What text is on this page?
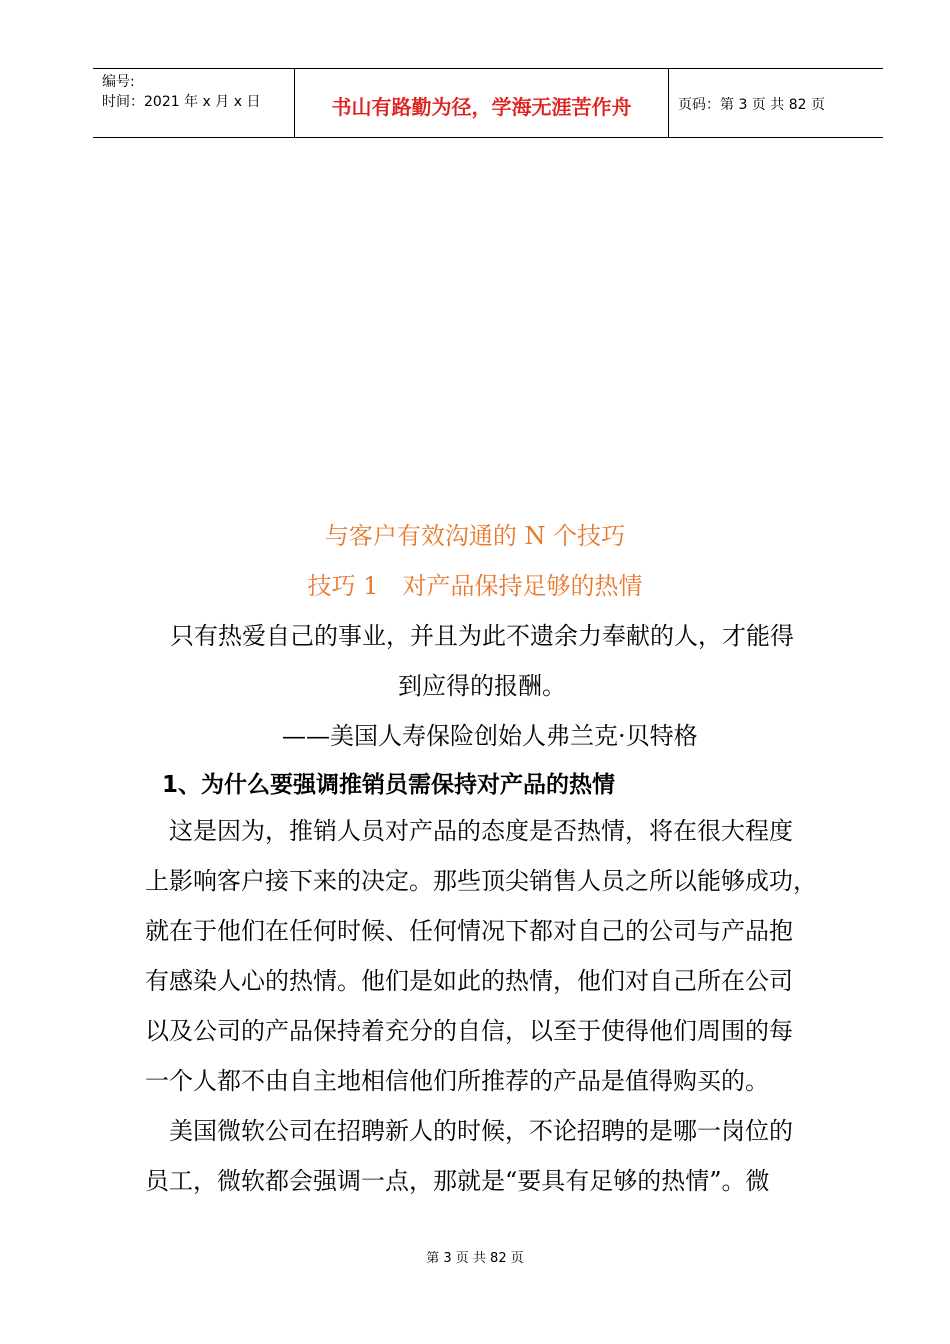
编号:
时间：2021 年 x 月 x 日	书山有路勤为径，学海无涯苦作舟	页码：第 3 页 共 82 页
与客户有效沟通的 N 个技巧
技巧 1　对产品保持足够的热情
只有热爱自己的事业，并且为此不遗余力奉献的人，才能得
到应得的报酬。
——美国人寿保险创始人弗兰克·贝特格
1、为什么要强调推销员需保持对产品的热情
　这是因为，推销人员对产品的态度是否热情，将在很大程度
上影响客户接下来的决定。那些顶尖销售人员之所以能够成功，
就在于他们在任何时候、任何情况下都对自己的公司与产品抱
有感染人心的热情。他们是如此的热情，他们对自己所在公司
以及公司的产品保持着充分的自信，以至于使得他们周围的每
一个人都不由自主地相信他们所推荐的产品是值得购买的。
　美国微软公司在招聘新人的时候，不论招聘的是哪一岗位的
员工，微软都会强调一点，那就是“要具有足够的热情”。微
第 3 页 共 82 页
